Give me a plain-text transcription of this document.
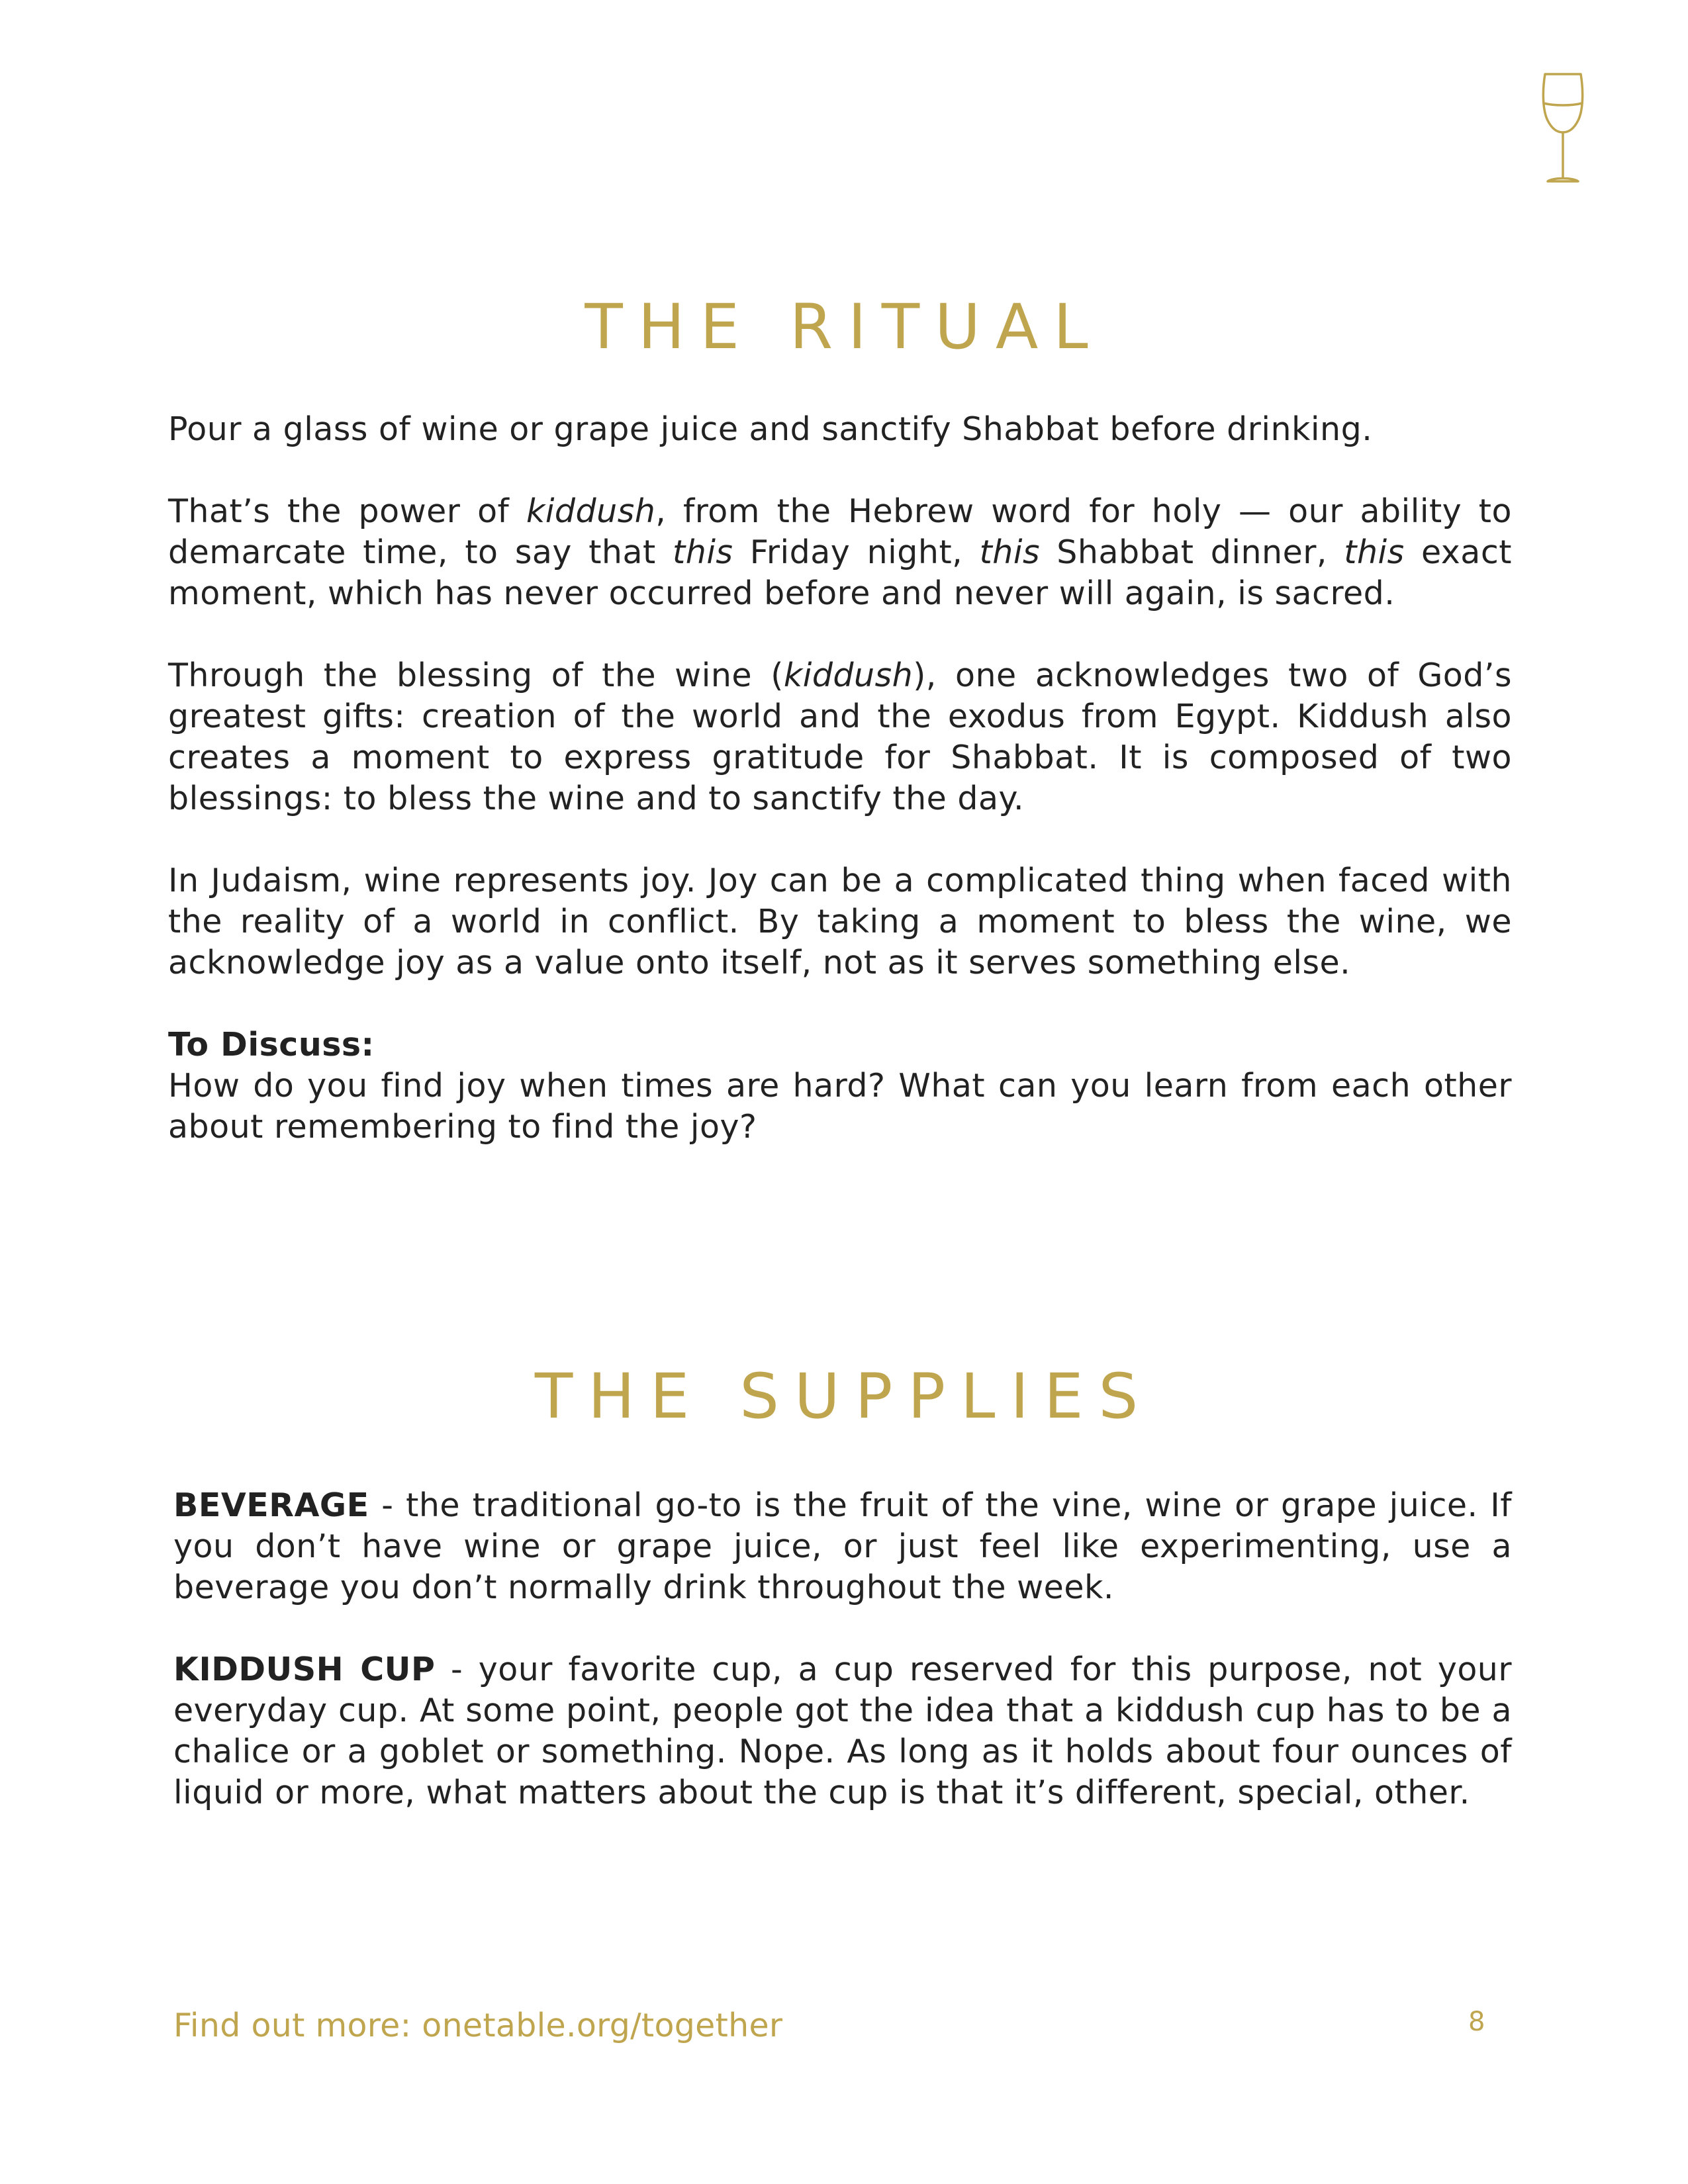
THE RITUAL

Pour a glass of wine or grape juice and sanctify Shabbat before drinking.

That’s the power of kiddush, from the Hebrew word for holy — our ability to demarcate time, to say that this Friday night, this Shabbat dinner, this exact moment, which has never occurred before and never will again, is sacred.

Through the blessing of the wine (kiddush), one acknowledges two of God’s greatest gifts: creation of the world and the exodus from Egypt. Kiddush also creates a moment to express gratitude for Shabbat. It is composed of two blessings: to bless the wine and to sanctify the day.

In Judaism, wine represents joy. Joy can be a complicated thing when faced with the reality of a world in conflict. By taking a moment to bless the wine, we acknowledge joy as a value onto itself, not as it serves something else.

To Discuss:

How do you find joy when times are hard? What can you learn from each other about remembering to find the joy?

THE SUPPLIES

BEVERAGE - the traditional go-to is the fruit of the vine, wine or grape juice. If you don’t have wine or grape juice, or just feel like experimenting, use a beverage you don’t normally drink throughout the week.

KIDDUSH CUP - your favorite cup, a cup reserved for this purpose, not your everyday cup. At some point, people got the idea that a kiddush cup has to be a chalice or a goblet or something. Nope. As long as it holds about four ounces of liquid or more, what matters about the cup is that it’s different, special, other.

Find out more: onetable.org/together	8
